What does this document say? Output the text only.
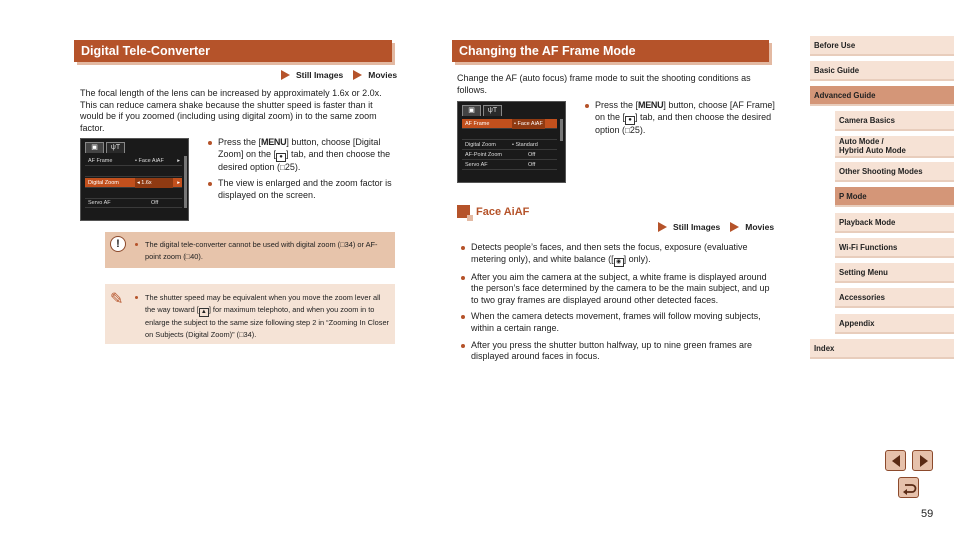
Digital Tele-Converter
Still Images	Movies
The focal length of the lens can be increased by approximately 1.6x or 2.0x. This can reduce camera shake because the shutter speed is faster than it would be if you zoomed (including using digital zoom) in to the same zoom factor.
▣	ψΤ
AF Frame	• Face AiAF ▸
Digital Zoom	◂ 1.6x	▸
Servo AF	Off
Press the [MENU] button, choose [Digital Zoom] on the [ ● ] tab, and then choose the desired option (□25).
The view is enlarged and the zoom factor is displayed on the screen.
!	The digital tele-converter cannot be used with digital zoom (□34) or AF-point zoom (□40).
✎	The shutter speed may be equivalent when you move the zoom lever all the way toward [ ▲ ] for maximum telephoto, and when you zoom in to enlarge the subject to the same size following step 2 in “Zooming In Closer on Subjects (Digital Zoom)” (□34).
Changing the AF Frame Mode
Change the AF (auto focus) frame mode to suit the shooting conditions as follows.
▣	ψΤ
AF Frame	• Face AiAF
Digital Zoom	• Standard
AF-Point Zoom	Off
Servo AF	Off
Press the [MENU] button, choose [AF Frame] on the [ ● ] tab, and then choose the desired option (□25).
Face AiAF
Still Images	Movies
Detects people’s faces, and then sets the focus, exposure (evaluative metering only), and white balance ([ ◉ ] only).
After you aim the camera at the subject, a white frame is displayed around the person’s face determined by the camera to be the main subject, and up to two gray frames are displayed around other detected faces.
When the camera detects movement, frames will follow moving subjects, within a certain range.
After you press the shutter button halfway, up to nine green frames are displayed around faces in focus.
Before Use
Basic Guide
Advanced Guide
Camera Basics
Auto Mode /
Hybrid Auto Mode
Other Shooting Modes
P Mode
Playback Mode
Wi-Fi Functions
Setting Menu
Accessories
Appendix
Index
59
